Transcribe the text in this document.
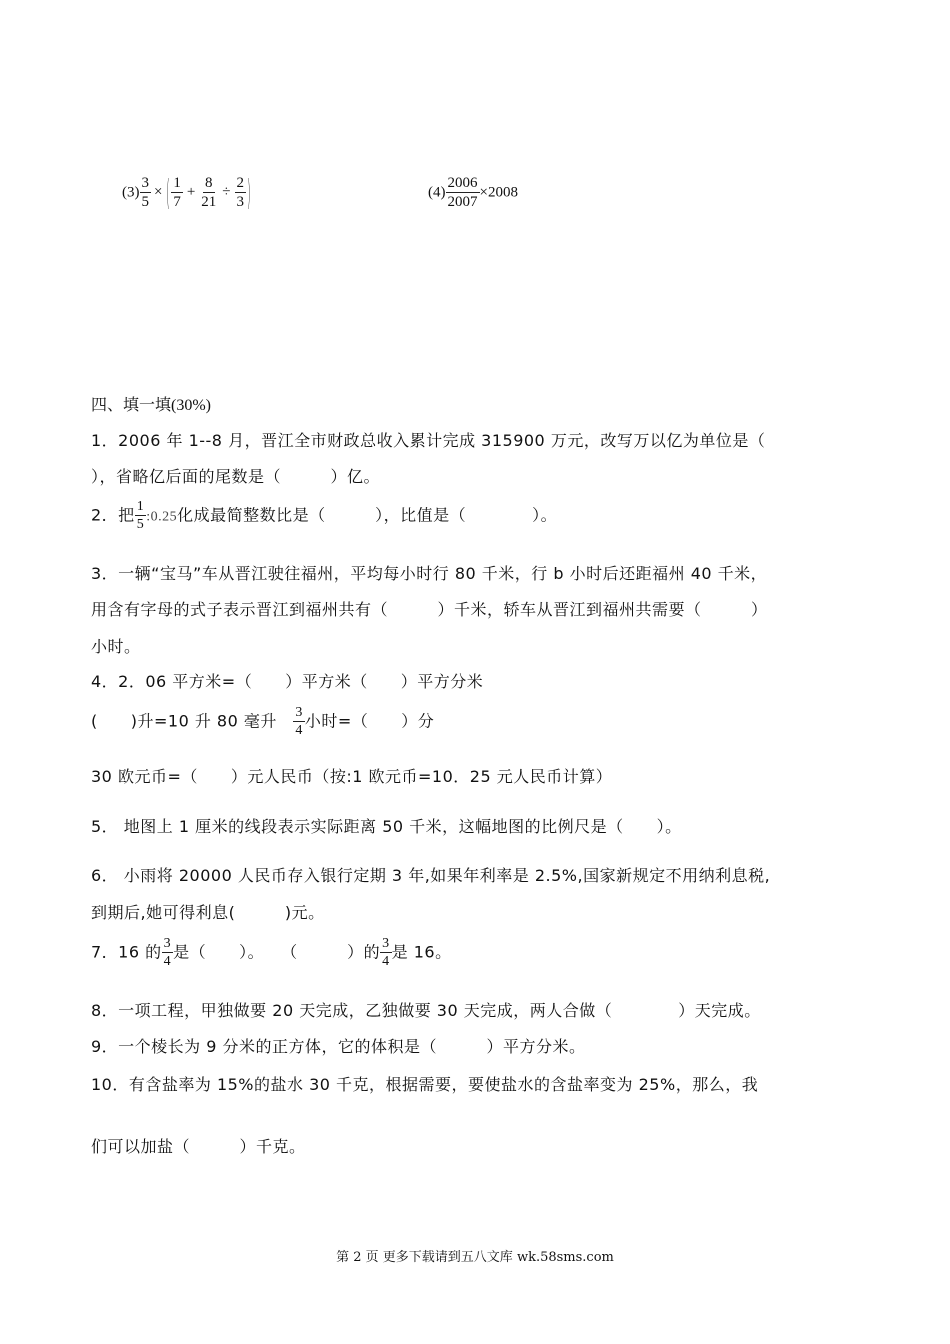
$(3) \frac{3}{5}$ × ( $\frac{1}{7} + \frac{8}{21} \div \frac{2}{3}$ )	$(4) \frac{2006}{2007} \times 2008$
四、填一填(30%)
1．2006 年 1--8 月，晋江全市财政总收入累计完成 315900 万元，改写万以亿为单位是（
），省略亿后面的尾数是（　　　）亿。
2．把 $\frac{1}{5}$ :0.25化成最简整数比是（　　　），比值是（　　　　）。
3．一辆“宝马”车从晋江驶往福州，平均每小时行 80 千米，行 b 小时后还距福州 40 千米，
用含有字母的式子表示晋江到福州共有（　　　）千米，轿车从晋江到福州共需要（　　　）
小时。
4．2．06 平方米=（　　）平方米（　　）平方分米
(　　)升=10 升 80 毫升　 $\frac{3}{4}$ 小时=（　　）分
30 欧元币=（　　）元人民币（按:1 欧元币=10．25 元人民币计算）
5． 地图上 1 厘米的线段表示实际距离 50 千米，这幅地图的比例尺是（　　）。
6． 小雨将 20000 人民币存入银行定期 3 年,如果年利率是 2.5%,国家新规定不用纳利息税,
到期后,她可得利息(　　　)元。
7．16 的 $\frac{3}{4}$ 是（　　）。　　（　　　）的 $\frac{3}{4}$ 是 16。
8．一项工程，甲独做要 20 天完成，乙独做要 30 天完成，两人合做（　　　　）天完成。
9．一个棱长为 9 分米的正方体，它的体积是（　　　）平方分米。
10．有含盐率为 15%的盐水 30 千克，根据需要，要使盐水的含盐率变为 25%，那么，我
们可以加盐（　　　）千克。
第 2 页 更多下载请到五八文库 wk.58sms.com
